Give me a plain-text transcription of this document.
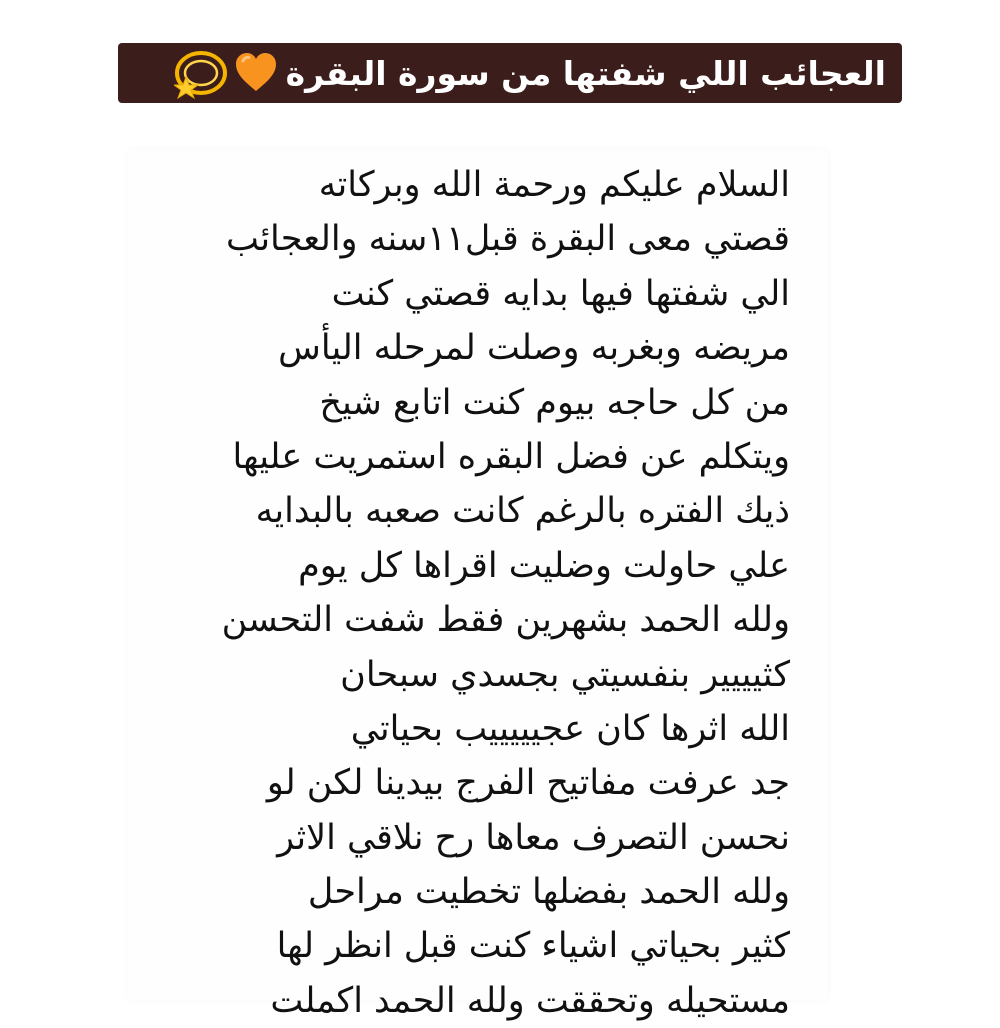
العجائب اللي شفتها من سورة البقرة
السلام عليكم ورحمة الله وبركاته
قصتي معى البقرة قبل١١سنه والعجائب
الي شفتها فيها بدايه قصتي كنت
مريضه وبغربه وصلت لمرحله اليأس
من كل حاجه بيوم كنت اتابع شيخ
ويتكلم عن فضل البقره استمريت عليها
ذيك الفتره بالرغم كانت صعبه بالبدايه
علي حاولت وضليت اقراها كل يوم
ولله الحمد بشهرين فقط شفت التحسن
كثيييير بنفسيتي بجسدي سبحان
الله اثرها كان عجيييييب بحياتي
جد عرفت مفاتيح الفرج بيدينا لكن لو
نحسن التصرف معاها رح نلاقي الاثر
ولله الحمد بفضلها تخطيت مراحل
كثير بحياتي اشياء كنت قبل انظر لها
مستحيله وتحققت ولله الحمد اكملت
